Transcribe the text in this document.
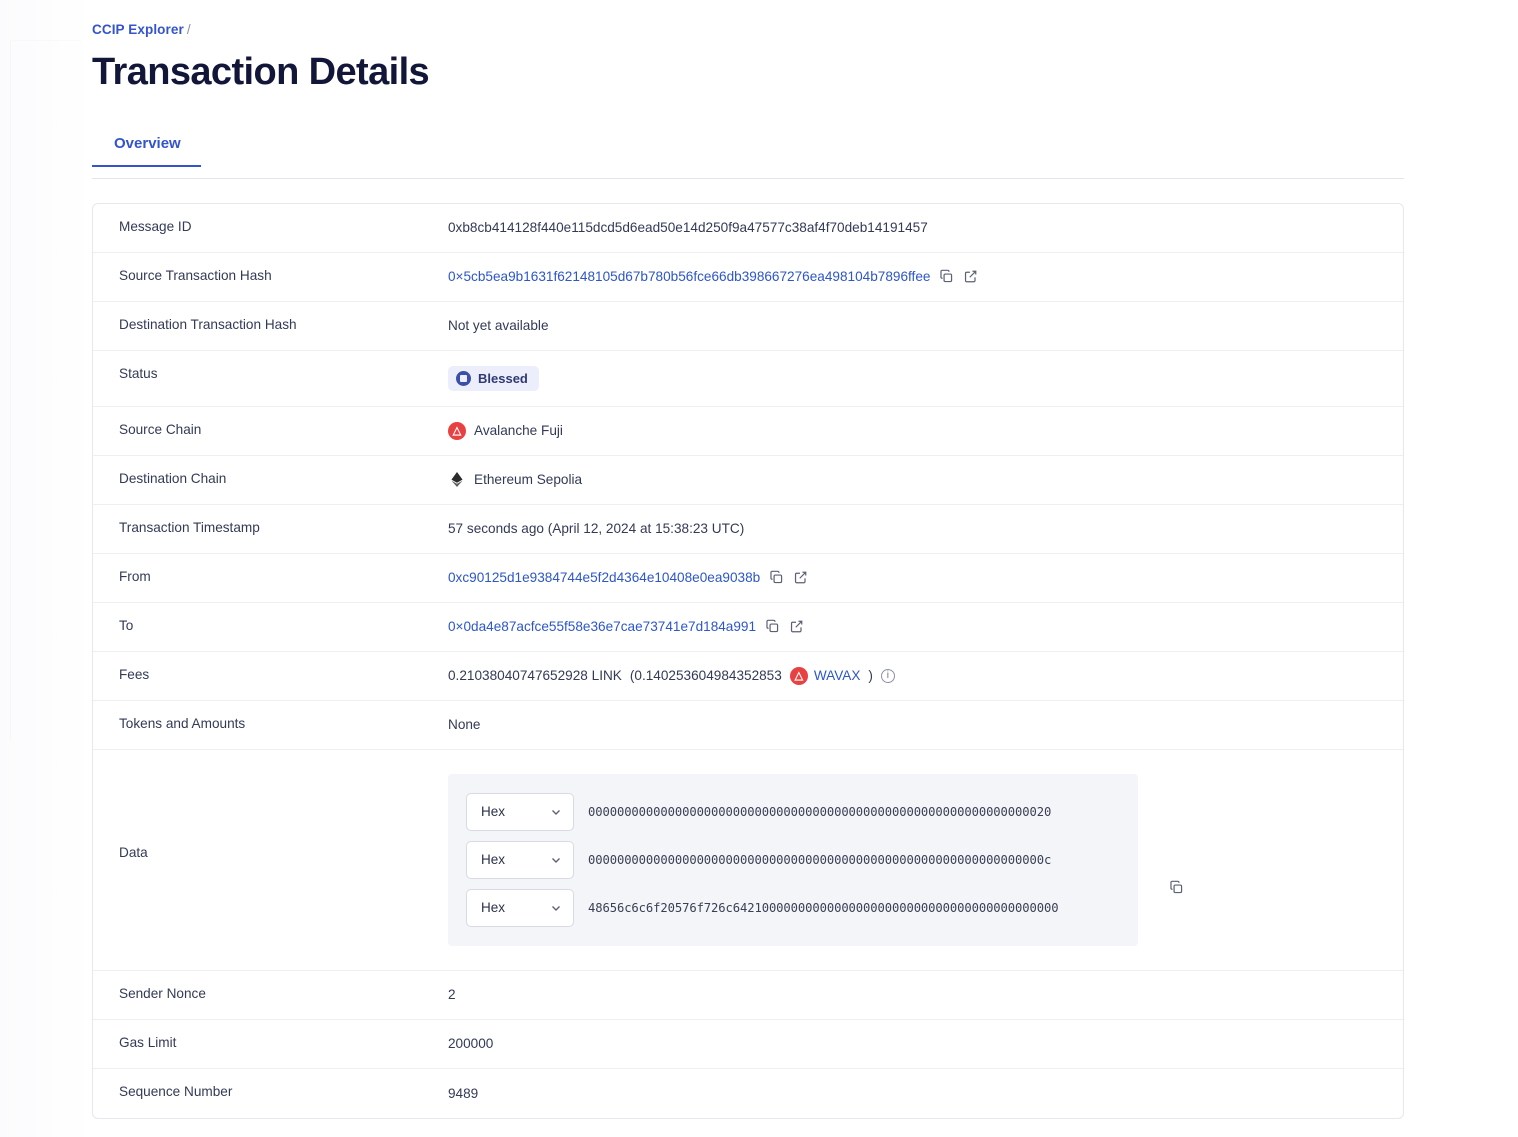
CCIP Explorer /
Transaction Details
Overview
Message ID	0xb8cb414128f440e115dcd5d6ead50e14d250f9a47577c38af4f70deb14191457
Source Transaction Hash	0×5cb5ea9b1631f62148105d67b780b56fce66db398667276ea498104b7896ffee
Destination Transaction Hash	Not yet available
Status	Blessed
Source Chain	△ Avalanche Fuji
Destination Chain	Ethereum Sepolia
Transaction Timestamp	57 seconds ago (April 12, 2024 at 15:38:23 UTC)
From	0xc90125d1e9384744e5f2d4364e10408e0ea9038b
To	0×0da4e87acfce55f58e36e7cae73741e7d184a991
Fees	0.21038040747652928 LINK (0.140253604984352853	△ WAVAX )	i
Tokens and Amounts	None
Data
Hex	0000000000000000000000000000000000000000000000000000000000000020
Hex	000000000000000000000000000000000000000000000000000000000000000c
Hex	48656c6c6f20576f726c642100000000000000000000000000000000000000000
Sender Nonce	2
Gas Limit	200000
Sequence Number	9489
